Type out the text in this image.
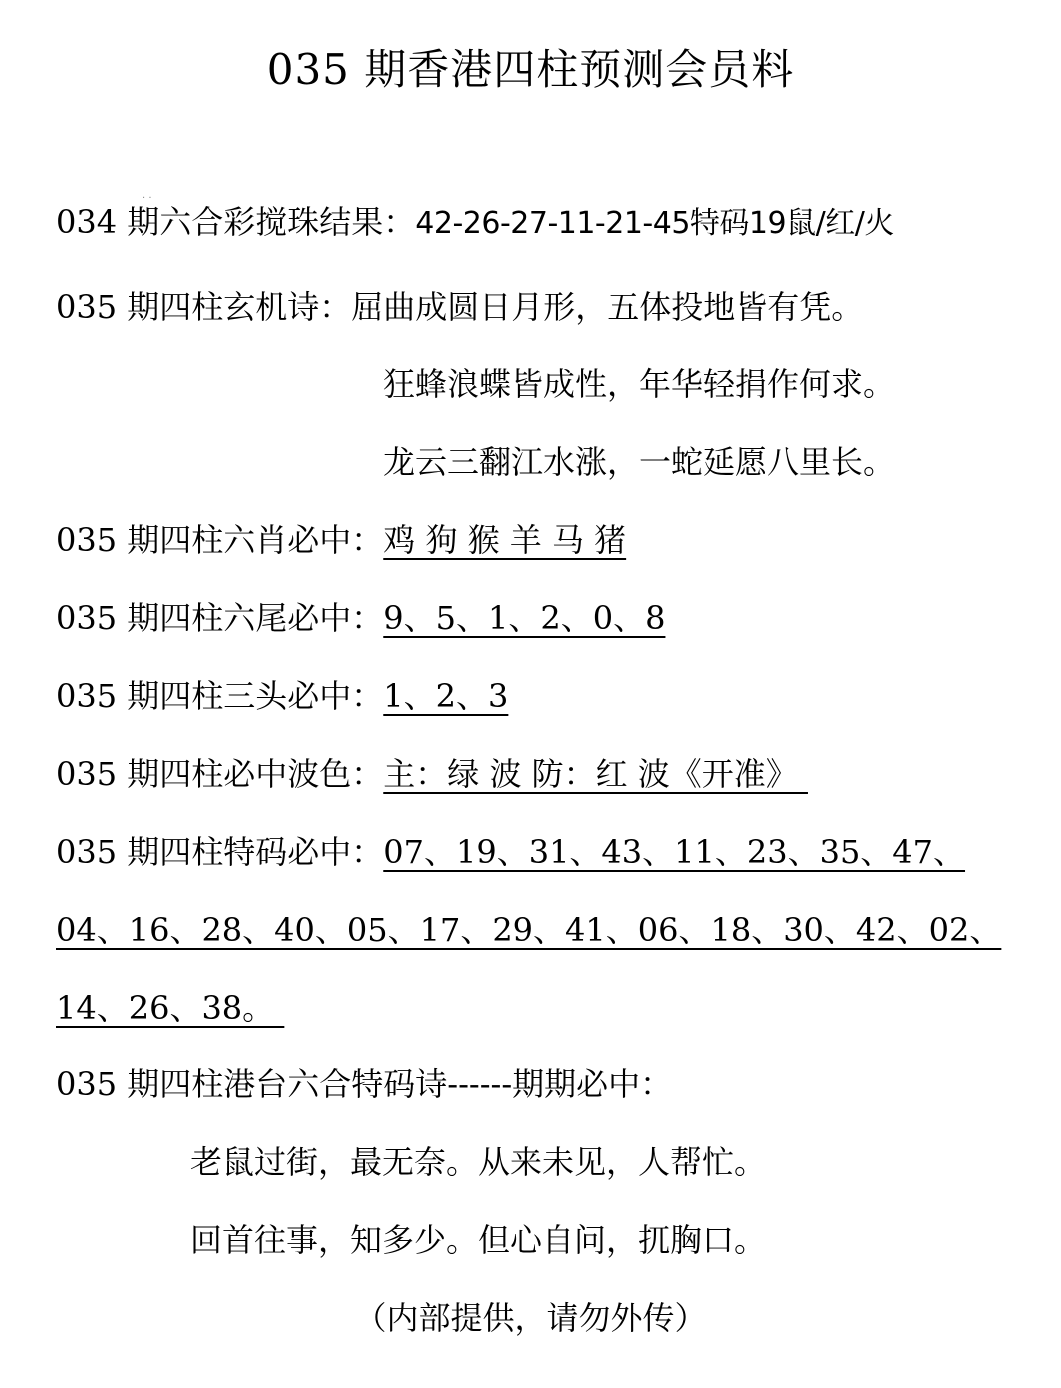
035 期香港四柱预测会员料
· ·
034 期六合彩搅珠结果：42-26-27-11-21-45特码19鼠/红/火
035 期四柱玄机诗：屈曲成圆日月形，五体投地皆有凭。
狂蜂浪蝶皆成性，年华轻捐作何求。
龙云三翻江水涨，一蛇延愿八里长。
035 期四柱六肖必中：鸡 狗 猴 羊 马 猪
035 期四柱六尾必中：9、5、1、2、0、8
035 期四柱三头必中：1、2、3
035 期四柱必中波色：主：绿 波 防：红 波《开准》
035 期四柱特码必中：07、19、31、43、11、23、35、47、
04、16、28、40、05、17、29、41、06、18、30、42、02、
14、26、38。
035 期四柱港台六合特码诗------期期必中：
老鼠过街，最无奈。从来未见，人帮忙。
回首往事，知多少。但心自问，扤胸口。
（内部提供，请勿外传）
